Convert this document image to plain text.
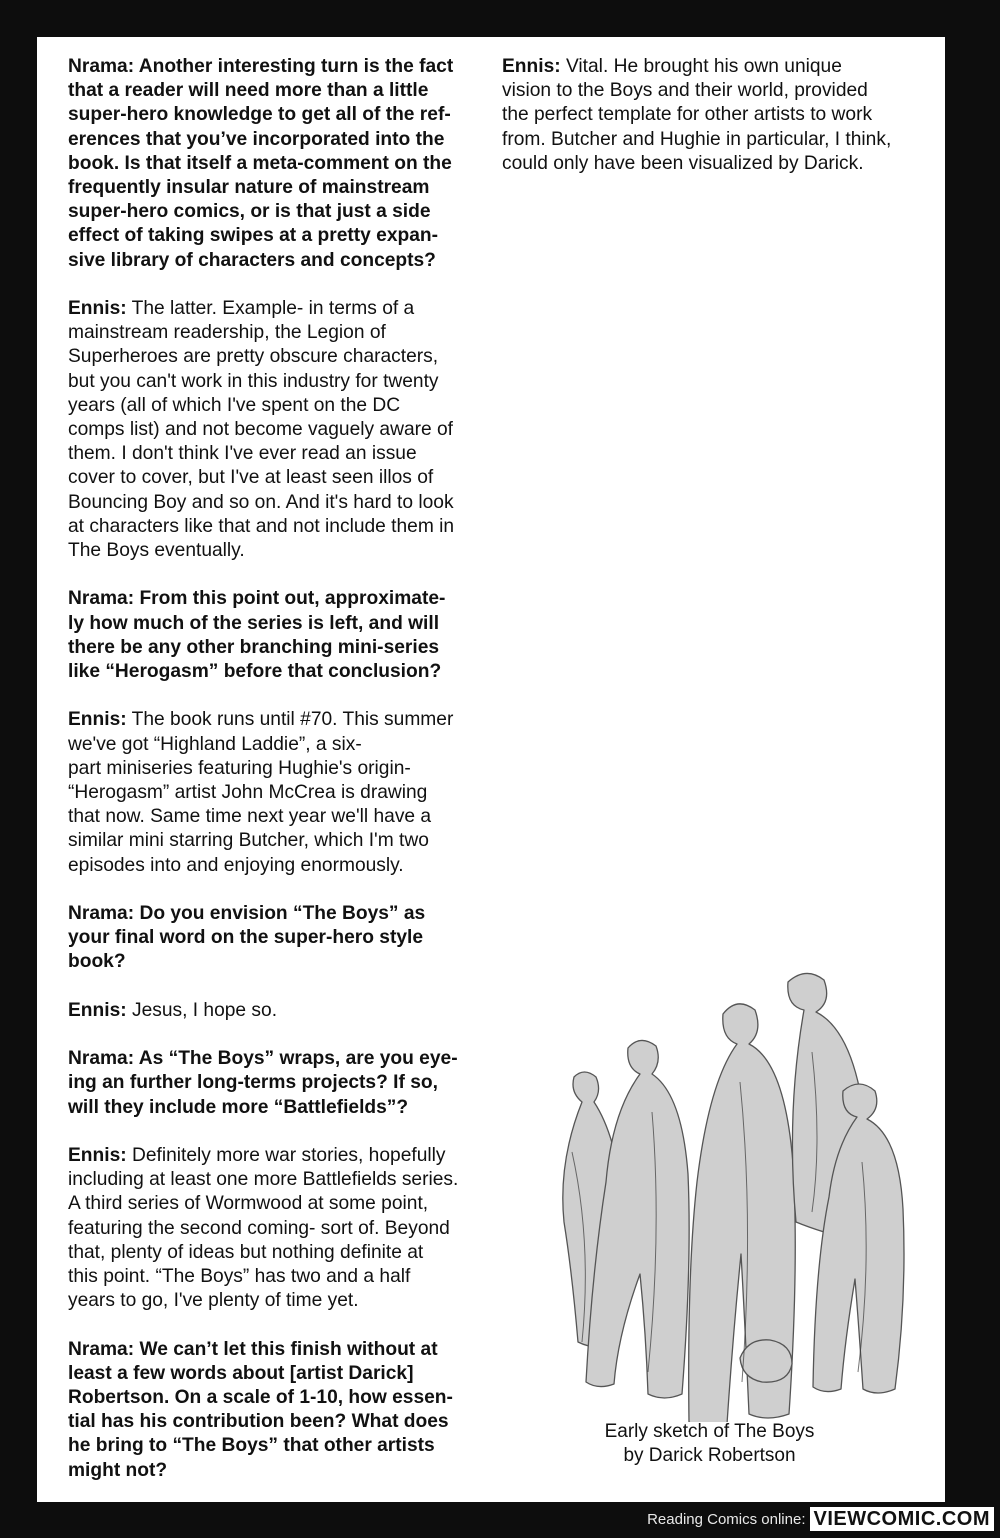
Nrama: Another interesting turn is the fact
that a reader will need more than a little
super-hero knowledge to get all of the ref-
erences that you’ve incorporated into the
book. Is that itself a meta-comment on the
frequently insular nature of mainstream
super-hero comics, or is that just a side
effect of taking swipes at a pretty expan-
sive library of characters and concepts?

Ennis: The latter. Example- in terms of a
mainstream readership, the Legion of
Superheroes are pretty obscure characters,
but you can't work in this industry for twenty
years (all of which I've spent on the DC
comps list) and not become vaguely aware of
them. I don't think I've ever read an issue
cover to cover, but I've at least seen illos of
Bouncing Boy and so on. And it's hard to look
at characters like that and not include them in
The Boys eventually.

Nrama: From this point out, approximate-
ly how much of the series is left, and will
there be any other branching mini-series
like “Herogasm” before that conclusion?

Ennis: The book runs until #70. This summer
we've got “Highland Laddie”, a six-
part miniseries featuring Hughie's origin-
“Herogasm” artist John McCrea is drawing
that now. Same time next year we'll have a
similar mini starring Butcher, which I'm two
episodes into and enjoying enormously.

Nrama: Do you envision “The Boys” as
your final word on the super-hero style
book?

Ennis: Jesus, I hope so.

Nrama: As “The Boys” wraps, are you eye-
ing an further long-terms projects? If so,
will they include more “Battlefields”?

Ennis: Definitely more war stories, hopefully
including at least one more Battlefields series.
A third series of Wormwood at some point,
featuring the second coming- sort of. Beyond
that, plenty of ideas but nothing definite at
this point. “The Boys” has two and a half
years to go, I've plenty of time yet.

Nrama: We can’t let this finish without at
least a few words about [artist Darick]
Robertson. On a scale of 1-10, how essen-
tial has his contribution been? What does
he bring to “The Boys” that other artists
might not?

Ennis: Vital. He brought his own unique
vision to the Boys and their world, provided
the perfect template for other artists to work
from. Butcher and Hughie in particular, I think,
could only have been visualized by Darick.

Early sketch of The Boys
by Darick Robertson
Reading Comics online: VIEWCOMIC.COM
